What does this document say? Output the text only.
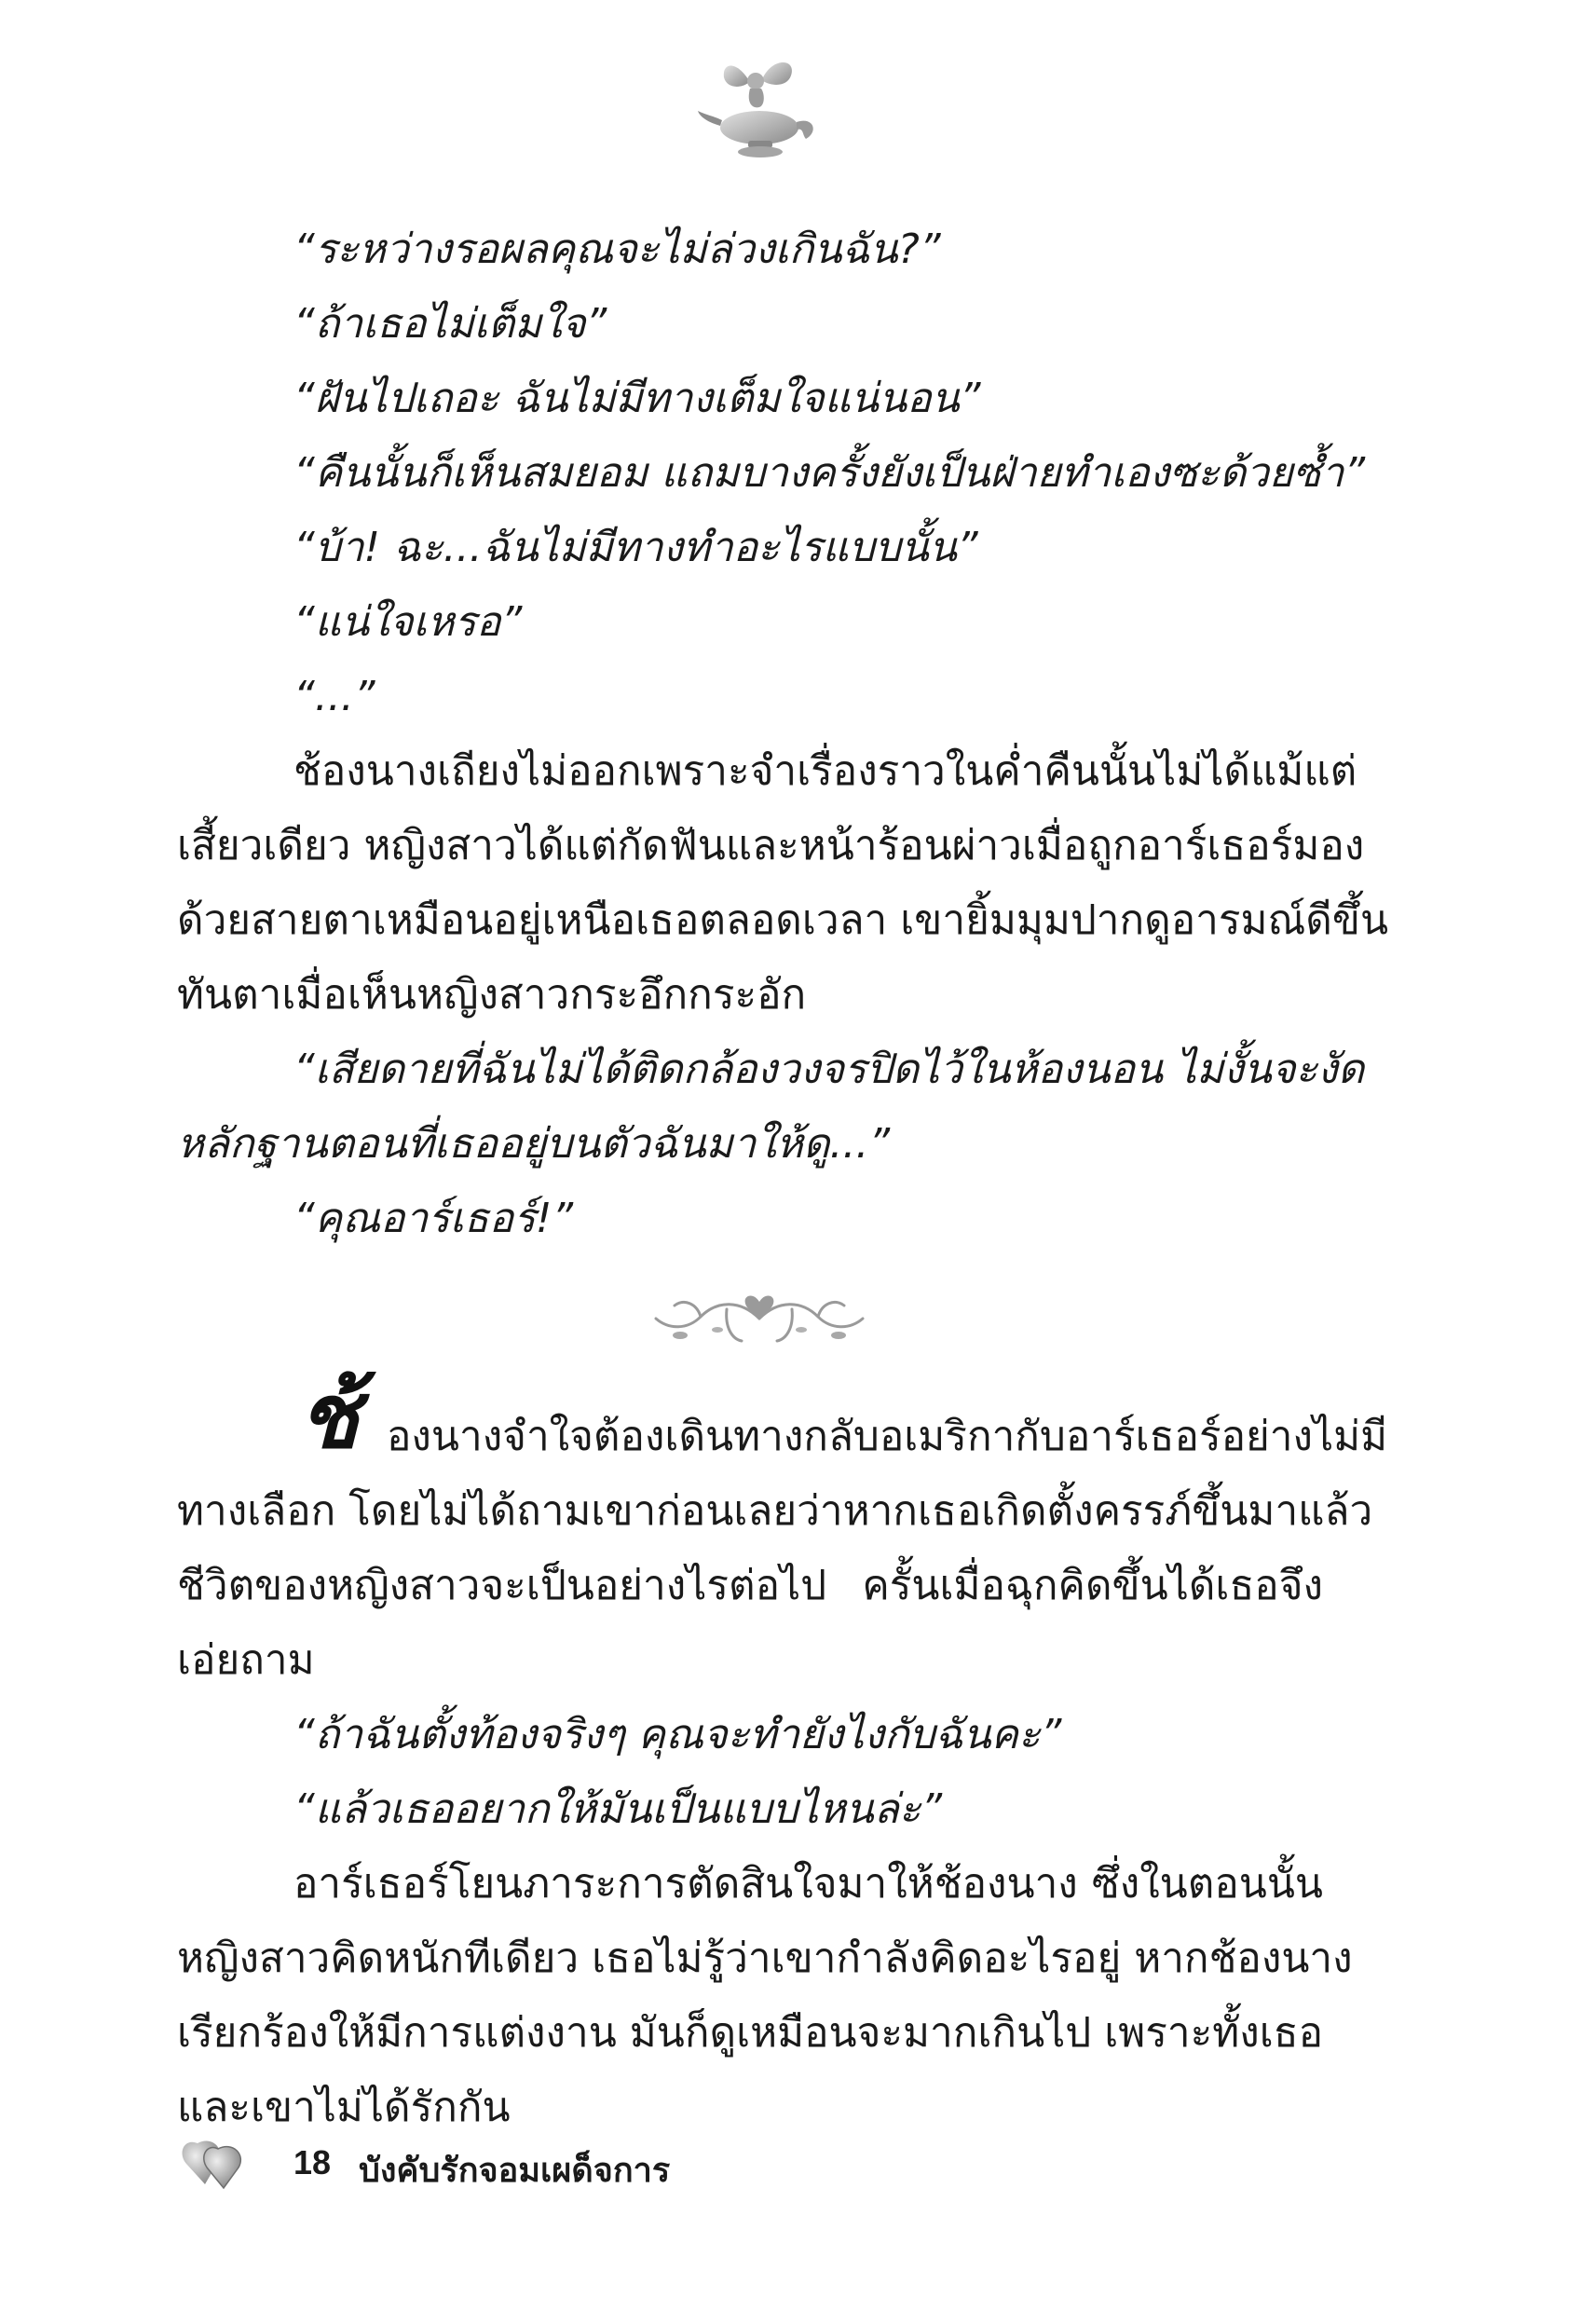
“ระหว่างรอผลคุณจะไม่ล่วงเกินฉัน?”
“ถ้าเธอไม่เต็มใจ”
“ฝันไปเถอะ ฉันไม่มีทางเต็มใจแน่นอน”
“คืนนั้นก็เห็นสมยอม แถมบางครั้งยังเป็นฝ่ายทำเองซะด้วยซ้ำ”
“บ้า! ฉะ...ฉันไม่มีทางทำอะไรแบบนั้น”
“แน่ใจเหรอ”
“...”
ช้องนางเถียงไม่ออกเพราะจำเรื่องราวในค่ำคืนนั้นไม่ได้แม้แต่
เสี้ยวเดียว หญิงสาวได้แต่กัดฟันและหน้าร้อนผ่าวเมื่อถูกอาร์เธอร์มอง
ด้วยสายตาเหมือนอยู่เหนือเธอตลอดเวลา เขายิ้มมุมปากดูอารมณ์ดีขึ้น
ทันตาเมื่อเห็นหญิงสาวกระอึกกระอัก
“เสียดายที่ฉันไม่ได้ติดกล้องวงจรปิดไว้ในห้องนอน ไม่งั้นจะงัด
หลักฐานตอนที่เธออยู่บนตัวฉันมาให้ดู...”
“คุณอาร์เธอร์!”
ช้ องนางจำใจต้องเดินทางกลับอเมริกากับอาร์เธอร์อย่างไม่มี
ทางเลือก โดยไม่ได้ถามเขาก่อนเลยว่าหากเธอเกิดตั้งครรภ์ขึ้นมาแล้ว
ชีวิตของหญิงสาวจะเป็นอย่างไรต่อไป ครั้นเมื่อฉุกคิดขึ้นได้เธอจึง
เอ่ยถาม
“ถ้าฉันตั้งท้องจริงๆ คุณจะทำยังไงกับฉันคะ”
“แล้วเธออยากให้มันเป็นแบบไหนล่ะ”
อาร์เธอร์โยนภาระการตัดสินใจมาให้ช้องนาง ซึ่งในตอนนั้น
หญิงสาวคิดหนักทีเดียว เธอไม่รู้ว่าเขากำลังคิดอะไรอยู่ หากช้องนาง
เรียกร้องให้มีการแต่งงาน มันก็ดูเหมือนจะมากเกินไป เพราะทั้งเธอ
และเขาไม่ได้รักกัน
18 บังคับรักจอมเผด็จการ
